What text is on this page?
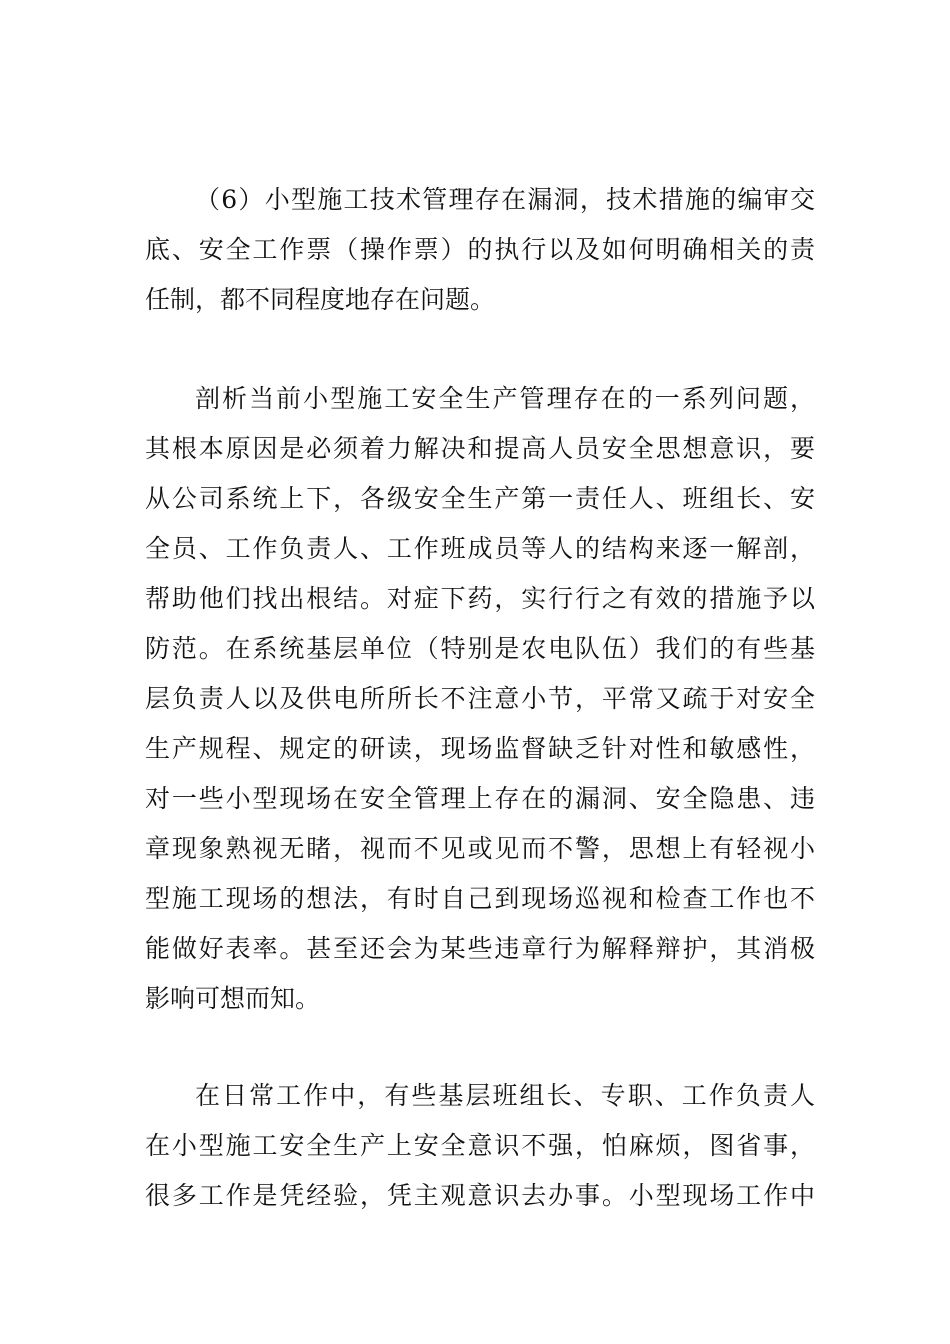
（6）小型施工技术管理存在漏洞，技术措施的编审交
底、安全工作票（操作票）的执行以及如何明确相关的责
任制，都不同程度地存在问题。
剖析当前小型施工安全生产管理存在的一系列问题，
其根本原因是必须着力解决和提高人员安全思想意识，要
从公司系统上下，各级安全生产第一责任人、班组长、安
全员、工作负责人、工作班成员等人的结构来逐一解剖，
帮助他们找出根结。对症下药，实行行之有效的措施予以
防范。在系统基层单位（特别是农电队伍）我们的有些基
层负责人以及供电所所长不注意小节，平常又疏于对安全
生产规程、规定的研读，现场监督缺乏针对性和敏感性，
对一些小型现场在安全管理上存在的漏洞、安全隐患、违
章现象熟视无睹，视而不见或见而不警，思想上有轻视小
型施工现场的想法，有时自己到现场巡视和检查工作也不
能做好表率。甚至还会为某些违章行为解释辩护，其消极
影响可想而知。
在日常工作中，有些基层班组长、专职、工作负责人
在小型施工安全生产上安全意识不强，怕麻烦，图省事，
很多工作是凭经验，凭主观意识去办事。小型现场工作中
